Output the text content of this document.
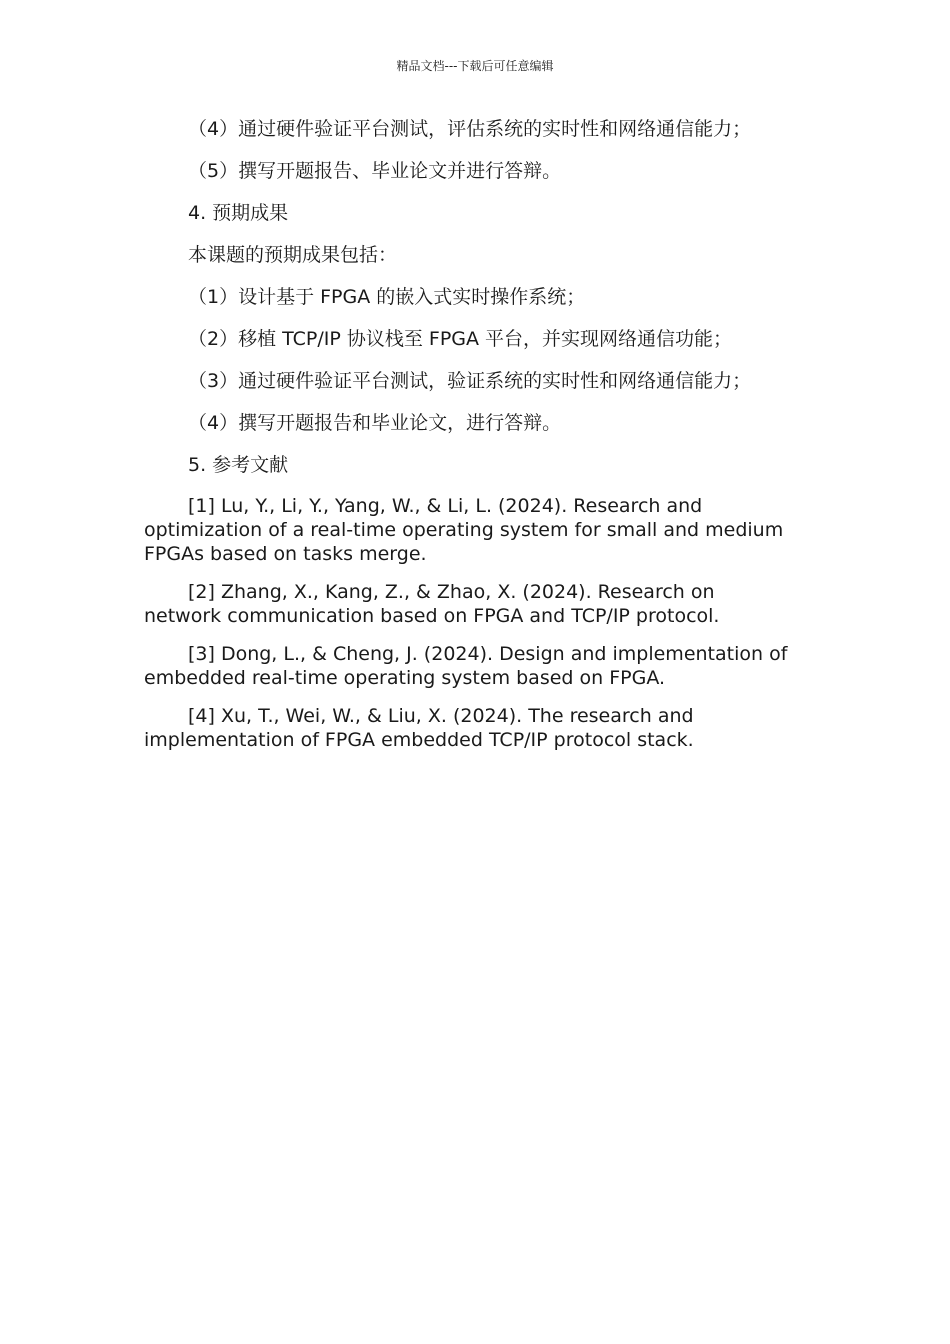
精品文档---下载后可任意编辑
（4）通过硬件验证平台测试，评估系统的实时性和网络通信能力；
（5）撰写开题报告、毕业论文并进行答辩。
4. 预期成果
本课题的预期成果包括：
（1）设计基于 FPGA 的嵌入式实时操作系统；
（2）移植 TCP/IP 协议栈至 FPGA 平台，并实现网络通信功能；
（3）通过硬件验证平台测试，验证系统的实时性和网络通信能力；
（4）撰写开题报告和毕业论文，进行答辩。
5. 参考文献
[1] Lu, Y., Li, Y., Yang, W., & Li, L. (2024). Research and optimization of a real-time operating system for small and medium FPGAs based on tasks merge.
[2] Zhang, X., Kang, Z., & Zhao, X. (2024). Research on network communication based on FPGA and TCP/IP protocol.
[3] Dong, L., & Cheng, J. (2024). Design and implementation of embedded real-time operating system based on FPGA.
[4] Xu, T., Wei, W., & Liu, X. (2024). The research and implementation of FPGA embedded TCP/IP protocol stack.
